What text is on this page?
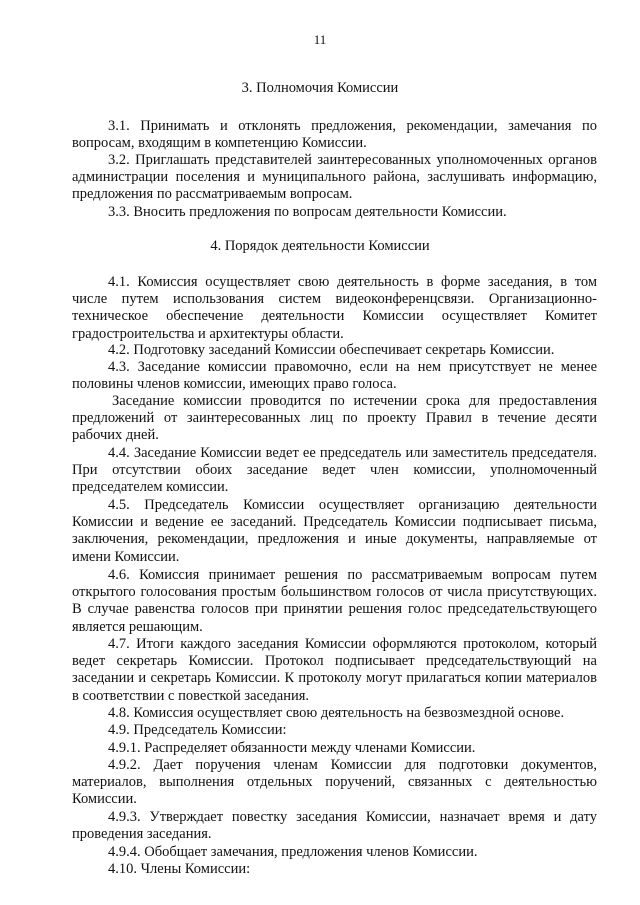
11
3. Полномочия Комиссии
3.1. Принимать и отклонять предложения, рекомендации, замечания по вопросам, входящим в компетенцию Комиссии.
3.2. Приглашать представителей заинтересованных уполномоченных органов администрации поселения и муниципального района, заслушивать информацию, предложения по рассматриваемым вопросам.
3.3. Вносить предложения по вопросам деятельности Комиссии.
4. Порядок деятельности Комиссии
4.1. Комиссия осуществляет свою деятельность в форме заседания, в том числе путем использования систем видеоконференцсвязи. Организационно-техническое обеспечение деятельности Комиссии осуществляет Комитет градостроительства и архитектуры области.
4.2. Подготовку заседаний Комиссии обеспечивает секретарь Комиссии.
4.3. Заседание комиссии правомочно, если на нем присутствует не менее половины членов комиссии, имеющих право голоса.
Заседание комиссии проводится по истечении срока для предоставления предложений от заинтересованных лиц по проекту Правил в течение десяти рабочих дней.
4.4. Заседание Комиссии ведет ее председатель или заместитель председателя. При отсутствии обоих заседание ведет член комиссии, уполномоченный председателем комиссии.
4.5. Председатель Комиссии осуществляет организацию деятельности Комиссии и ведение ее заседаний. Председатель Комиссии подписывает письма, заключения, рекомендации, предложения и иные документы, направляемые от имени Комиссии.
4.6. Комиссия принимает решения по рассматриваемым вопросам путем открытого голосования простым большинством голосов от числа присутствующих. В случае равенства голосов при принятии решения голос председательствующего является решающим.
4.7. Итоги каждого заседания Комиссии оформляются протоколом, который ведет секретарь Комиссии. Протокол подписывает председательствующий на заседании и секретарь Комиссии. К протоколу могут прилагаться копии материалов в соответствии с повесткой заседания.
4.8. Комиссия осуществляет свою деятельность на безвозмездной основе.
4.9. Председатель Комиссии:
4.9.1. Распределяет обязанности между членами Комиссии.
4.9.2. Дает поручения членам Комиссии для подготовки документов, материалов, выполнения отдельных поручений, связанных с деятельностью Комиссии.
4.9.3. Утверждает повестку заседания Комиссии, назначает время и дату проведения заседания.
4.9.4. Обобщает замечания, предложения членов Комиссии.
4.10. Члены Комиссии:
